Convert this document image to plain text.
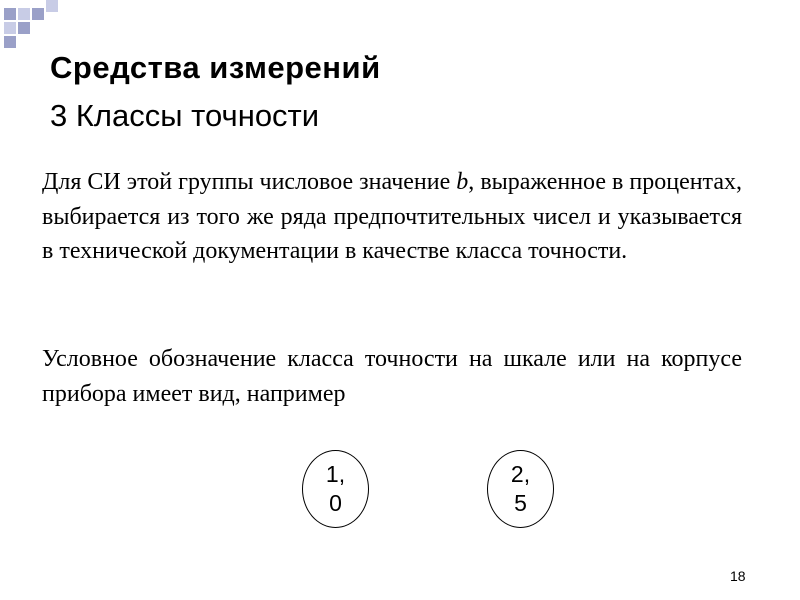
Средства измерений
3 Классы точности
Для СИ этой группы числовое значение b, выраженное в процентах, выбирается из того же ряда предпочтительных чисел и указывается в технической документации в качестве класса точности.
Условное обозначение класса точности на шкале или на корпусе прибора имеет вид, например
1,
0
2,
5
18
